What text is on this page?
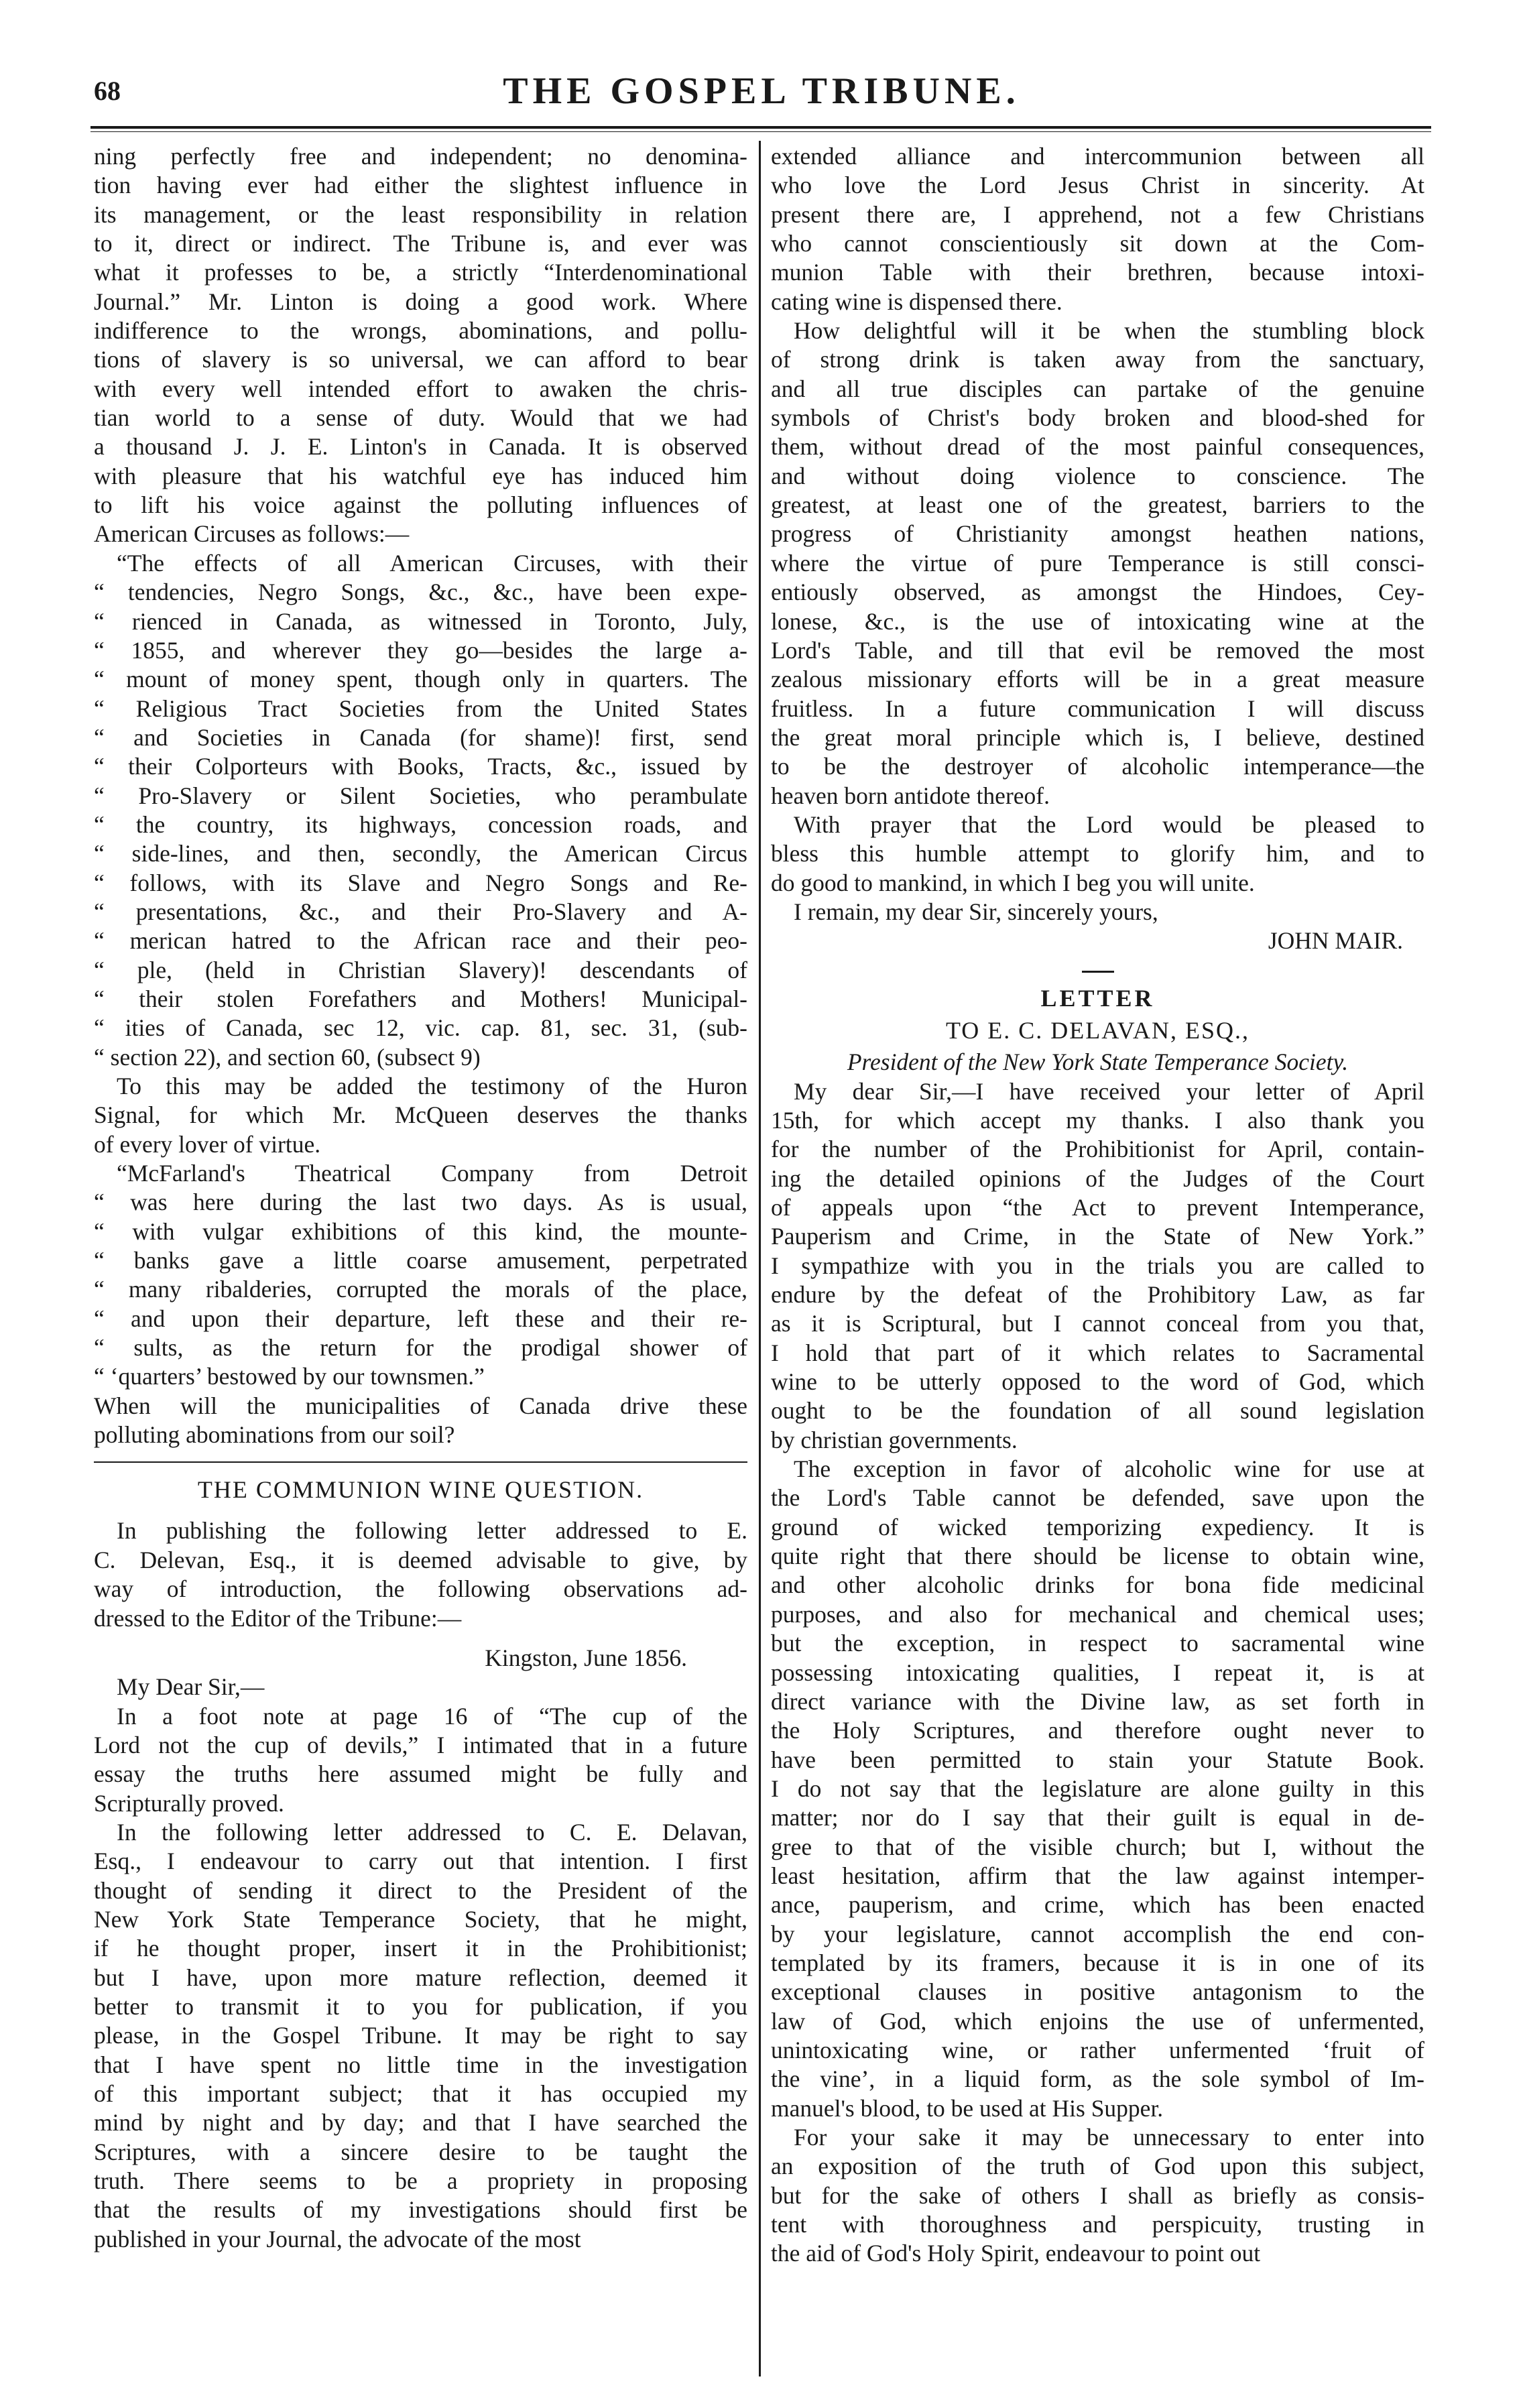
68	THE GOSPEL TRIBUNE.
ning perfectly free and independent; no denomina-
tion having ever had either the slightest influence in
its management, or the least responsibility in relation
to it, direct or indirect. The Tribune is, and ever was
what it professes to be, a strictly “Interdenominational
Journal.” Mr. Linton is doing a good work. Where
indifference to the wrongs, abominations, and pollu-
tions of slavery is so universal, we can afford to bear
with every well intended effort to awaken the chris-
tian world to a sense of duty. Would that we had
a thousand J. J. E. Linton's in Canada. It is observed
with pleasure that his watchful eye has induced him
to lift his voice against the polluting influences of
American Circuses as follows:—
“The effects of all American Circuses, with their
“ tendencies, Negro Songs, &c., &c., have been expe-
“ rienced in Canada, as witnessed in Toronto, July,
“ 1855, and wherever they go—besides the large a-
“ mount of money spent, though only in quarters. The
“ Religious Tract Societies from the United States
“ and Societies in Canada (for shame)! first, send
“ their Colporteurs with Books, Tracts, &c., issued by
“ Pro-Slavery or Silent Societies, who perambulate
“ the country, its highways, concession roads, and
“ side-lines, and then, secondly, the American Circus
“ follows, with its Slave and Negro Songs and Re-
“ presentations, &c., and their Pro-Slavery and A-
“ merican hatred to the African race and their peo-
“ ple, (held in Christian Slavery)! descendants of
“ their stolen Forefathers and Mothers! Municipal-
“ ities of Canada, sec 12, vic. cap. 81, sec. 31, (sub-
“ section 22), and section 60, (subsect 9)
To this may be added the testimony of the Huron
Signal, for which Mr. McQueen deserves the thanks
of every lover of virtue.
“McFarland's Theatrical Company from Detroit
“ was here during the last two days. As is usual,
“ with vulgar exhibitions of this kind, the mounte-
“ banks gave a little coarse amusement, perpetrated
“ many ribalderies, corrupted the morals of the place,
“ and upon their departure, left these and their re-
“ sults, as the return for the prodigal shower of
“ ‘quarters’ bestowed by our townsmen.”
When will the municipalities of Canada drive these
polluting abominations from our soil?
THE COMMUNION WINE QUESTION.
In publishing the following letter addressed to E.
C. Delevan, Esq., it is deemed advisable to give, by
way of introduction, the following observations ad-
dressed to the Editor of the Tribune:—
Kingston, June 1856.
My Dear Sir,—
In a foot note at page 16 of “The cup of the
Lord not the cup of devils,” I intimated that in a future
essay the truths here assumed might be fully and
Scripturally proved.
In the following letter addressed to C. E. Delavan,
Esq., I endeavour to carry out that intention. I first
thought of sending it direct to the President of the
New York State Temperance Society, that he might,
if he thought proper, insert it in the Prohibitionist;
but I have, upon more mature reflection, deemed it
better to transmit it to you for publication, if you
please, in the Gospel Tribune. It may be right to say
that I have spent no little time in the investigation
of this important subject; that it has occupied my
mind by night and by day; and that I have searched the
Scriptures, with a sincere desire to be taught the
truth. There seems to be a propriety in proposing
that the results of my investigations should first be
published in your Journal, the advocate of the most
extended alliance and intercommunion between all
who love the Lord Jesus Christ in sincerity. At
present there are, I apprehend, not a few Christians
who cannot conscientiously sit down at the Com-
munion Table with their brethren, because intoxi-
cating wine is dispensed there.
How delightful will it be when the stumbling block
of strong drink is taken away from the sanctuary,
and all true disciples can partake of the genuine
symbols of Christ's body broken and blood-shed for
them, without dread of the most painful consequences,
and without doing violence to conscience. The
greatest, at least one of the greatest, barriers to the
progress of Christianity amongst heathen nations,
where the virtue of pure Temperance is still consci-
entiously observed, as amongst the Hindoes, Cey-
lonese, &c., is the use of intoxicating wine at the
Lord's Table, and till that evil be removed the most
zealous missionary efforts will be in a great measure
fruitless. In a future communication I will discuss
the great moral principle which is, I believe, destined
to be the destroyer of alcoholic intemperance—the
heaven born antidote thereof.
With prayer that the Lord would be pleased to
bless this humble attempt to glorify him, and to
do good to mankind, in which I beg you will unite.
I remain, my dear Sir, sincerely yours,
JOHN MAIR.
LETTER
TO E. C. DELAVAN, ESQ.,
President of the New York State Temperance Society.
My dear Sir,—I have received your letter of April
15th, for which accept my thanks. I also thank you
for the number of the Prohibitionist for April, contain-
ing the detailed opinions of the Judges of the Court
of appeals upon “the Act to prevent Intemperance,
Pauperism and Crime, in the State of New York.”
I sympathize with you in the trials you are called to
endure by the defeat of the Prohibitory Law, as far
as it is Scriptural, but I cannot conceal from you that,
I hold that part of it which relates to Sacramental
wine to be utterly opposed to the word of God, which
ought to be the foundation of all sound legislation
by christian governments.
The exception in favor of alcoholic wine for use at
the Lord's Table cannot be defended, save upon the
ground of wicked temporizing expediency. It is
quite right that there should be license to obtain wine,
and other alcoholic drinks for bona fide medicinal
purposes, and also for mechanical and chemical uses;
but the exception, in respect to sacramental wine
possessing intoxicating qualities, I repeat it, is at
direct variance with the Divine law, as set forth in
the Holy Scriptures, and therefore ought never to
have been permitted to stain your Statute Book.
I do not say that the legislature are alone guilty in this
matter; nor do I say that their guilt is equal in de-
gree to that of the visible church; but I, without the
least hesitation, affirm that the law against intemper-
ance, pauperism, and crime, which has been enacted
by your legislature, cannot accomplish the end con-
templated by its framers, because it is in one of its
exceptional clauses in positive antagonism to the
law of God, which enjoins the use of unfermented,
unintoxicating wine, or rather unfermented ‘fruit of
the vine’, in a liquid form, as the sole symbol of Im-
manuel's blood, to be used at His Supper.
For your sake it may be unnecessary to enter into
an exposition of the truth of God upon this subject,
but for the sake of others I shall as briefly as consis-
tent with thoroughness and perspicuity, trusting in
the aid of God's Holy Spirit, endeavour to point out
